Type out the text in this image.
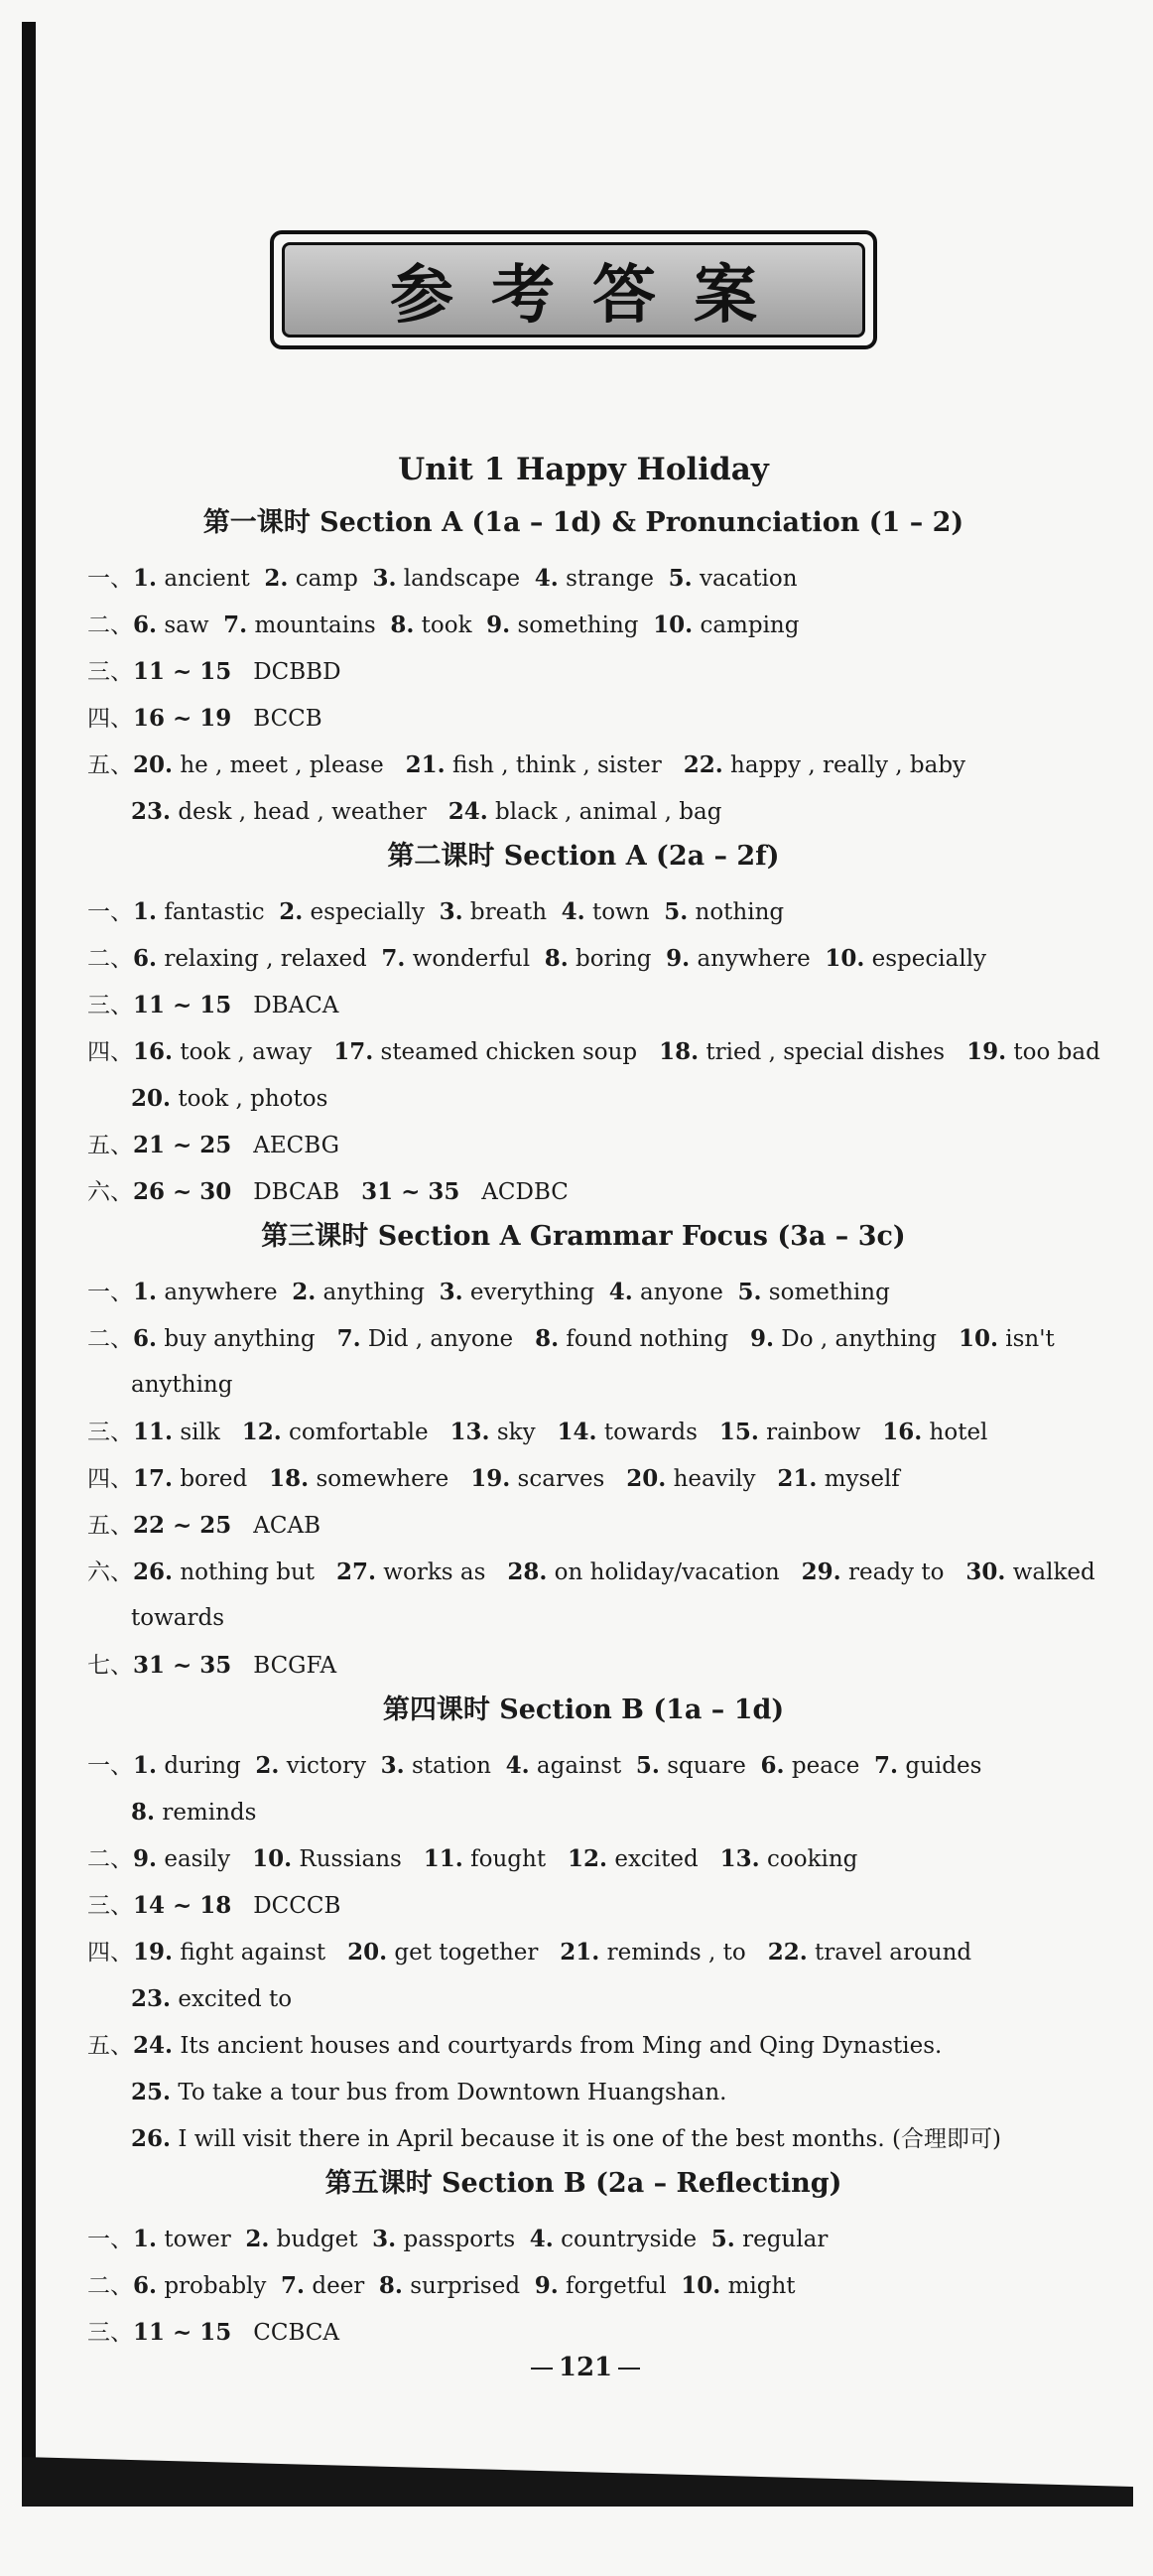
参考答案
Unit 1 Happy Holiday
第一课时 Section A (1a – 1d) & Pronunciation (1 – 2)
一、1. ancient  2. camp  3. landscape  4. strange  5. vacation
二、6. saw  7. mountains  8. took  9. something  10. camping
三、11 ~ 15   DCBBD
四、16 ~ 19   BCCB
五、20. he , meet , please   21. fish , think , sister   22. happy , really , baby
23. desk , head , weather   24. black , animal , bag
第二课时 Section A (2a – 2f)
一、1. fantastic  2. especially  3. breath  4. town  5. nothing
二、6. relaxing , relaxed  7. wonderful  8. boring  9. anywhere  10. especially
三、11 ~ 15   DBACA
四、16. took , away   17. steamed chicken soup   18. tried , special dishes   19. too bad
20. took , photos
五、21 ~ 25   AECBG
六、26 ~ 30   DBCAB   31 ~ 35   ACDBC
第三课时 Section A Grammar Focus (3a – 3c)
一、1. anywhere  2. anything  3. everything  4. anyone  5. something
二、6. buy anything   7. Did , anyone   8. found nothing   9. Do , anything   10. isn't
anything
三、11. silk   12. comfortable   13. sky   14. towards   15. rainbow   16. hotel
四、17. bored   18. somewhere   19. scarves   20. heavily   21. myself
五、22 ~ 25   ACAB
六、26. nothing but   27. works as   28. on holiday/vacation   29. ready to   30. walked
towards
七、31 ~ 35   BCGFA
第四课时 Section B (1a – 1d)
一、1. during  2. victory  3. station  4. against  5. square  6. peace  7. guides
8. reminds
二、9. easily   10. Russians   11. fought   12. excited   13. cooking
三、14 ~ 18   DCCCB
四、19. fight against   20. get together   21. reminds , to   22. travel around
23. excited to
五、24. Its ancient houses and courtyards from Ming and Qing Dynasties.
25. To take a tour bus from Downtown Huangshan.
26. I will visit there in April because it is one of the best months. (合理即可)
第五课时 Section B (2a – Reflecting)
一、1. tower  2. budget  3. passports  4. countryside  5. regular
二、6. probably  7. deer  8. surprised  9. forgetful  10. might
三、11 ~ 15   CCBCA
121
